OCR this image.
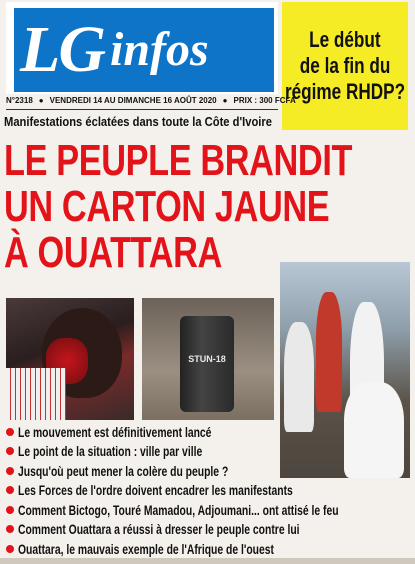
LG infos	Le début
de la fin du
régime RHDP?
N°2318 ● VENDREDI 14 AU DIMANCHE 16 AOÛT 2020 ● PRIX : 300 FCFA
Manifestations éclatées dans toute la Côte d'Ivoire
LE PEUPLE BRANDIT
UN CARTON JAUNE
À OUATTARA
STUN-18
Le mouvement est définitivement lancé
Le point de la situation : ville par ville
Jusqu'où peut mener la colère du peuple ?
Les Forces de l'ordre doivent encadrer les manifestants
Comment Bictogo, Touré Mamadou, Adjoumani... ont attisé le feu
Comment Ouattara a réussi à dresser le peuple contre lui
Ouattara, le mauvais exemple de l'Afrique de l'ouest
